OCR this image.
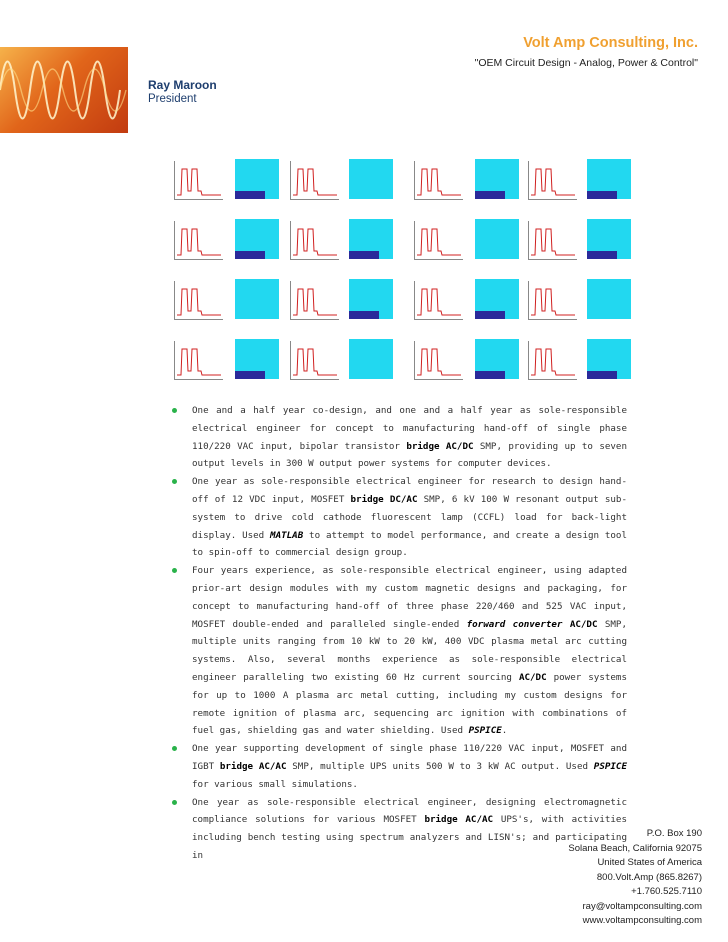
Volt Amp Consulting, Inc.
"OEM Circuit Design - Analog, Power & Control"
Ray Maroon
President
One and a half year co-design, and one and a half year as sole-responsible electrical engineer for concept to manufacturing hand-off of single phase 110/220 VAC input, bipolar transistor bridge AC/DC SMP, providing up to seven output levels in 300 W output power systems for computer devices.
One year as sole-responsible electrical engineer for research to design hand-off of 12 VDC input, MOSFET bridge DC/AC SMP, 6 kV 100 W resonant output sub-system to drive cold cathode fluorescent lamp (CCFL) load for back-light display. Used MATLAB to attempt to model performance, and create a design tool to spin-off to commercial design group.
Four years experience, as sole-responsible electrical engineer, using adapted prior-art design modules with my custom magnetic designs and packaging, for concept to manufacturing hand-off of three phase 220/460 and 525 VAC input, MOSFET double-ended and paralleled single-ended forward converter AC/DC SMP, multiple units ranging from 10 kW to 20 kW, 400 VDC plasma metal arc cutting systems. Also, several months experience as sole-responsible electrical engineer paralleling two existing 60 Hz current sourcing AC/DC power systems for up to 1000 A plasma arc metal cutting, including my custom designs for remote ignition of plasma arc, sequencing arc ignition with combinations of fuel gas, shielding gas and water shielding. Used PSPICE.
One year supporting development of single phase 110/220 VAC input, MOSFET and IGBT bridge AC/AC SMP, multiple UPS units 500 W to 3 kW AC output. Used PSPICE for various small simulations.
One year as sole-responsible electrical engineer, designing electromagnetic compliance solutions for various MOSFET bridge AC/AC UPS's, with activities including bench testing using spectrum analyzers and LISN's; and participating in
P.O. Box 190
Solana Beach, California 92075
United States of America
800.Volt.Amp (865.8267)
+1.760.525.7110
ray@voltampconsulting.com
www.voltampconsulting.com
